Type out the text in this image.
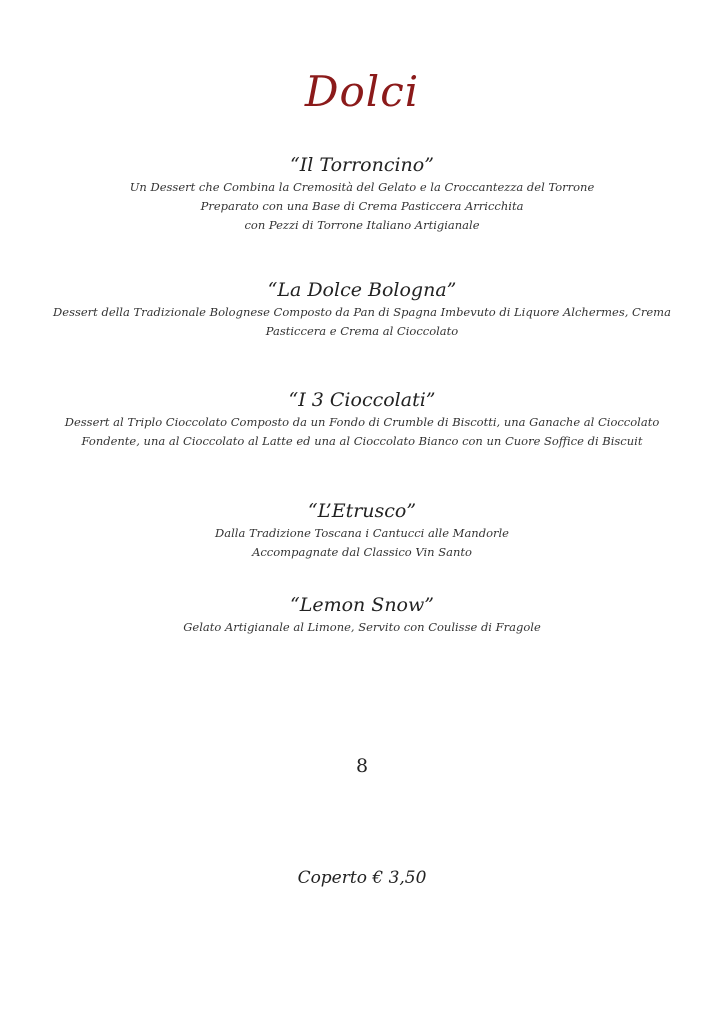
Dolci
“Il Torroncino”
Un Dessert che Combina la Cremosità del Gelato e la Croccantezza del Torrone
Preparato con una Base di Crema Pasticcera Arricchita
con Pezzi di Torrone Italiano Artigianale
“La Dolce Bologna”
Dessert della Tradizionale Bolognese Composto da Pan di Spagna Imbevuto di Liquore Alchermes, Crema
Pasticcera e Crema al Cioccolato
“I 3 Cioccolati”
Dessert al Triplo Cioccolato Composto da un Fondo di Crumble di Biscotti, una Ganache al Cioccolato
Fondente, una al Cioccolato al Latte ed una al Cioccolato Bianco con un Cuore Soffice di Biscuit
“L’Etrusco”
Dalla Tradizione Toscana i Cantucci alle Mandorle
Accompagnate dal Classico Vin Santo
“Lemon Snow”
Gelato Artigianale al Limone, Servito con Coulisse di Fragole
8
Coperto € 3,50
